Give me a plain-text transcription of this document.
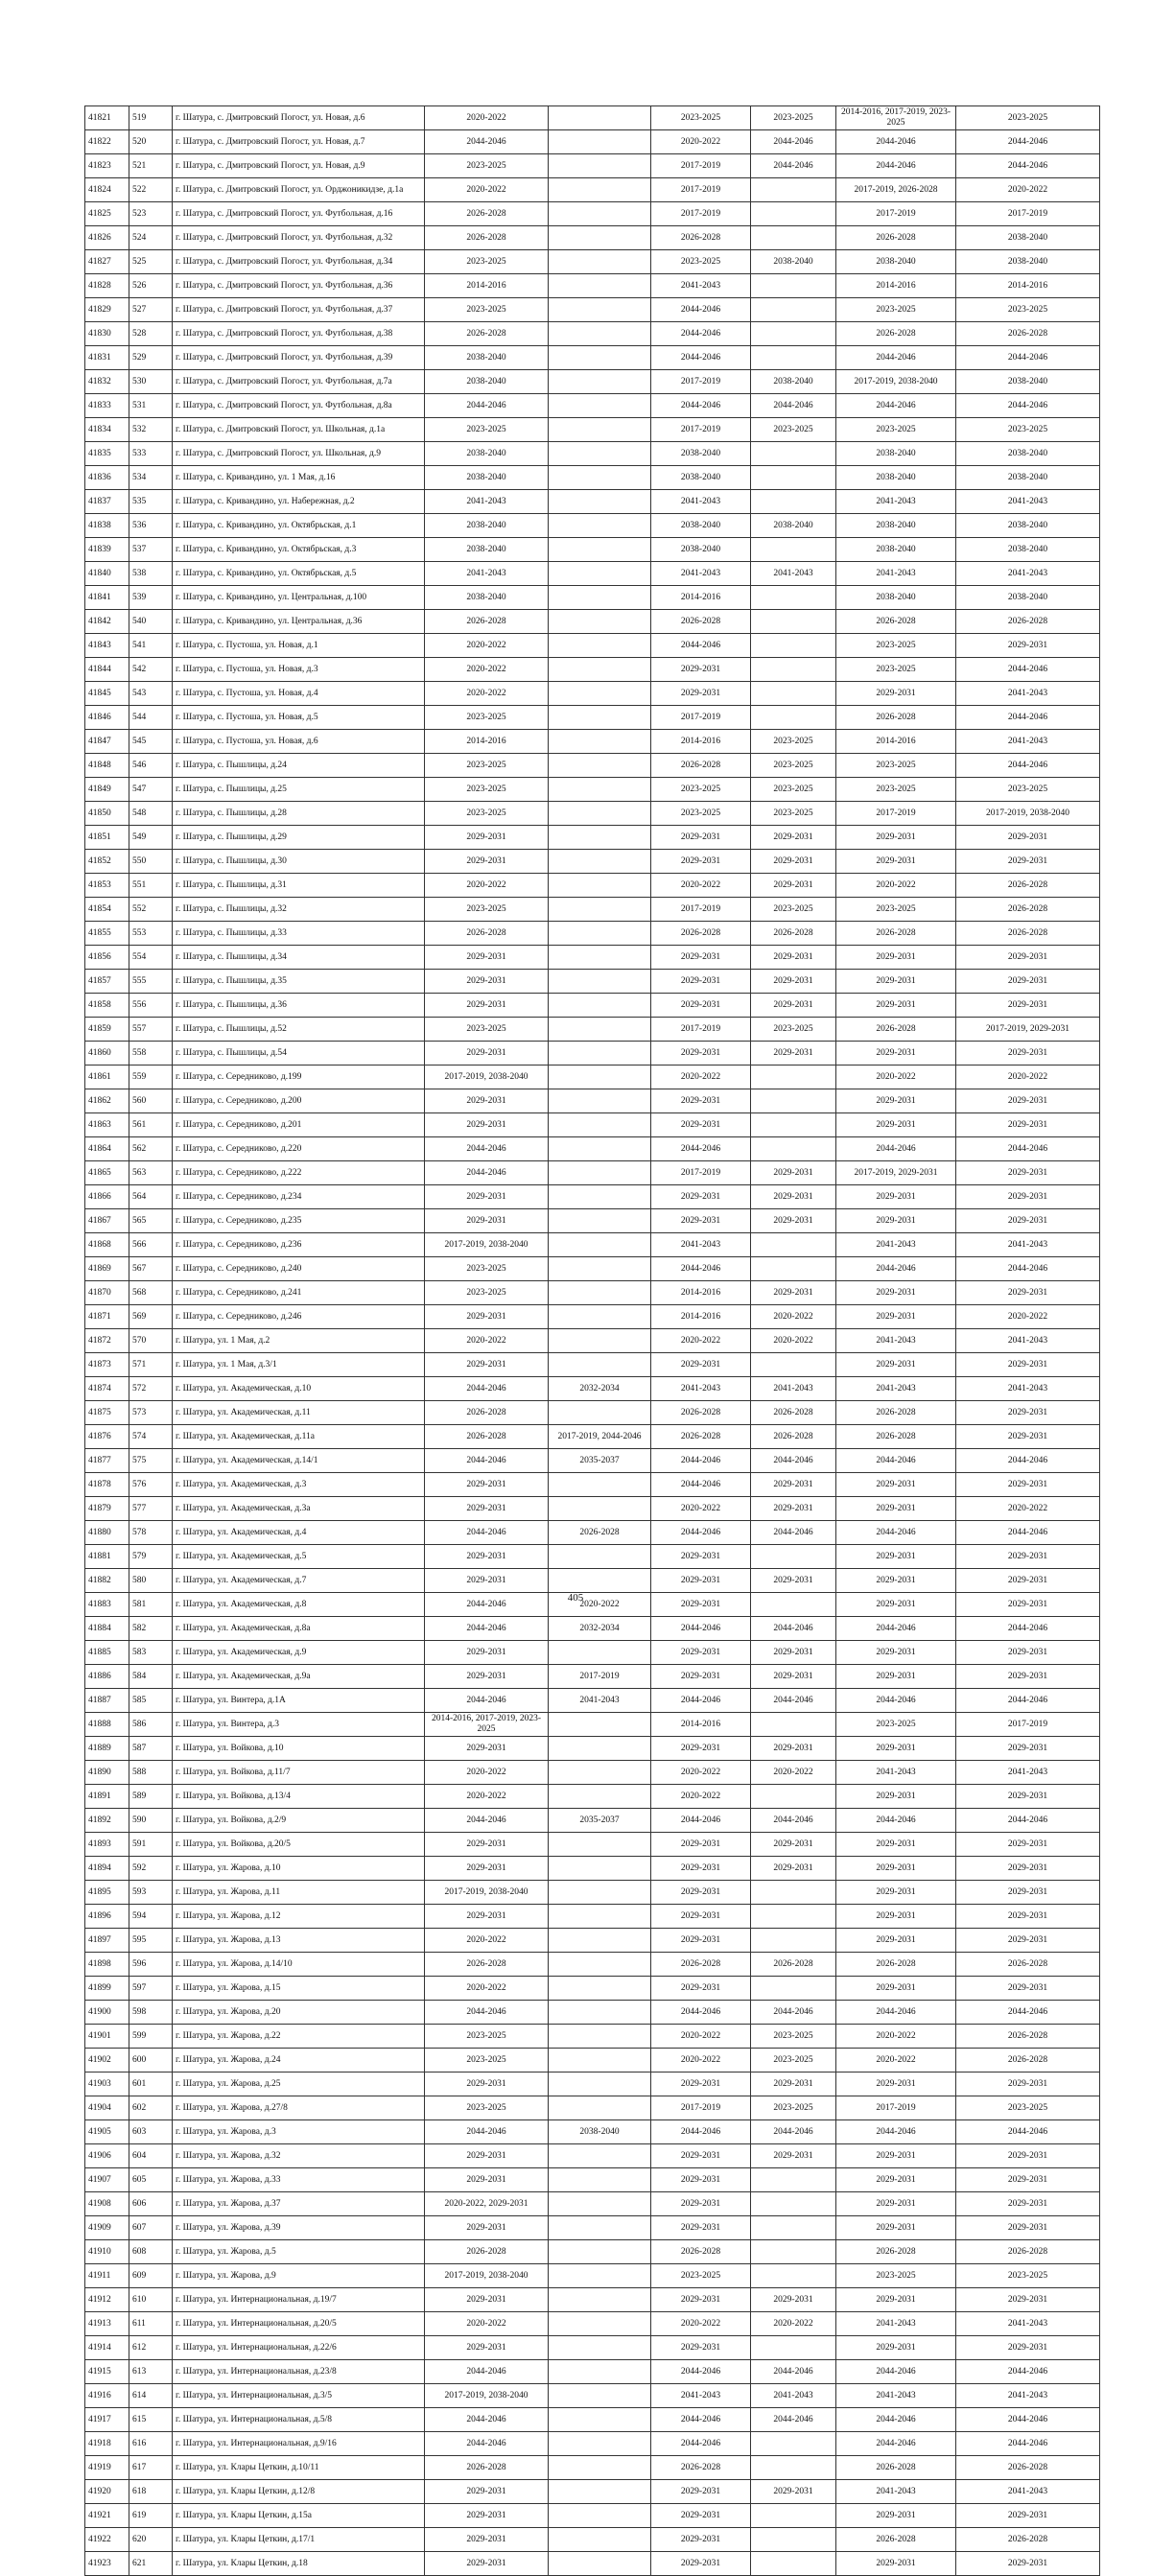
41821	519	г. Шатура, с. Дмитровский Погост, ул. Новая, д.6	2020-2022		2023-2025	2023-2025	2014-2016, 2017-2019, 2023-2025	2023-2025
41822	520	г. Шатура, с. Дмитровский Погост, ул. Новая, д.7	2044-2046		2020-2022	2044-2046	2044-2046	2044-2046
41823	521	г. Шатура, с. Дмитровский Погост, ул. Новая, д.9	2023-2025		2017-2019	2044-2046	2044-2046	2044-2046
41824	522	г. Шатура, с. Дмитровский Погост, ул. Орджоникидзе, д.1а	2020-2022		2017-2019		2017-2019, 2026-2028	2020-2022
41825	523	г. Шатура, с. Дмитровский Погост, ул. Футбольная, д.16	2026-2028		2017-2019		2017-2019	2017-2019
41826	524	г. Шатура, с. Дмитровский Погост, ул. Футбольная, д.32	2026-2028		2026-2028		2026-2028	2038-2040
41827	525	г. Шатура, с. Дмитровский Погост, ул. Футбольная, д.34	2023-2025		2023-2025	2038-2040	2038-2040	2038-2040
41828	526	г. Шатура, с. Дмитровский Погост, ул. Футбольная, д.36	2014-2016		2041-2043		2014-2016	2014-2016
41829	527	г. Шатура, с. Дмитровский Погост, ул. Футбольная, д.37	2023-2025		2044-2046		2023-2025	2023-2025
41830	528	г. Шатура, с. Дмитровский Погост, ул. Футбольная, д.38	2026-2028		2044-2046		2026-2028	2026-2028
41831	529	г. Шатура, с. Дмитровский Погост, ул. Футбольная, д.39	2038-2040		2044-2046		2044-2046	2044-2046
41832	530	г. Шатура, с. Дмитровский Погост, ул. Футбольная, д.7а	2038-2040		2017-2019	2038-2040	2017-2019, 2038-2040	2038-2040
41833	531	г. Шатура, с. Дмитровский Погост, ул. Футбольная, д.8а	2044-2046		2044-2046	2044-2046	2044-2046	2044-2046
41834	532	г. Шатура, с. Дмитровский Погост, ул. Школьная, д.1а	2023-2025		2017-2019	2023-2025	2023-2025	2023-2025
41835	533	г. Шатура, с. Дмитровский Погост, ул. Школьная, д.9	2038-2040		2038-2040		2038-2040	2038-2040
41836	534	г. Шатура, с. Кривандино, ул. 1 Мая, д.16	2038-2040		2038-2040		2038-2040	2038-2040
41837	535	г. Шатура, с. Кривандино, ул. Набережная, д.2	2041-2043		2041-2043		2041-2043	2041-2043
41838	536	г. Шатура, с. Кривандино, ул. Октябрьская, д.1	2038-2040		2038-2040	2038-2040	2038-2040	2038-2040
41839	537	г. Шатура, с. Кривандино, ул. Октябрьская, д.3	2038-2040		2038-2040		2038-2040	2038-2040
41840	538	г. Шатура, с. Кривандино, ул. Октябрьская, д.5	2041-2043		2041-2043	2041-2043	2041-2043	2041-2043
41841	539	г. Шатура, с. Кривандино, ул. Центральная, д.100	2038-2040		2014-2016		2038-2040	2038-2040
41842	540	г. Шатура, с. Кривандино, ул. Центральная, д.36	2026-2028		2026-2028		2026-2028	2026-2028
41843	541	г. Шатура, с. Пустоша, ул. Новая, д.1	2020-2022		2044-2046		2023-2025	2029-2031
41844	542	г. Шатура, с. Пустоша, ул. Новая, д.3	2020-2022		2029-2031		2023-2025	2044-2046
41845	543	г. Шатура, с. Пустоша, ул. Новая, д.4	2020-2022		2029-2031		2029-2031	2041-2043
41846	544	г. Шатура, с. Пустоша, ул. Новая, д.5	2023-2025		2017-2019		2026-2028	2044-2046
41847	545	г. Шатура, с. Пустоша, ул. Новая, д.6	2014-2016		2014-2016	2023-2025	2014-2016	2041-2043
41848	546	г. Шатура, с. Пышлицы, д.24	2023-2025		2026-2028	2023-2025	2023-2025	2044-2046
41849	547	г. Шатура, с. Пышлицы, д.25	2023-2025		2023-2025	2023-2025	2023-2025	2023-2025
41850	548	г. Шатура, с. Пышлицы, д.28	2023-2025		2023-2025	2023-2025	2017-2019	2017-2019, 2038-2040
41851	549	г. Шатура, с. Пышлицы, д.29	2029-2031		2029-2031	2029-2031	2029-2031	2029-2031
41852	550	г. Шатура, с. Пышлицы, д.30	2029-2031		2029-2031	2029-2031	2029-2031	2029-2031
41853	551	г. Шатура, с. Пышлицы, д.31	2020-2022		2020-2022	2029-2031	2020-2022	2026-2028
41854	552	г. Шатура, с. Пышлицы, д.32	2023-2025		2017-2019	2023-2025	2023-2025	2026-2028
41855	553	г. Шатура, с. Пышлицы, д.33	2026-2028		2026-2028	2026-2028	2026-2028	2026-2028
41856	554	г. Шатура, с. Пышлицы, д.34	2029-2031		2029-2031	2029-2031	2029-2031	2029-2031
41857	555	г. Шатура, с. Пышлицы, д.35	2029-2031		2029-2031	2029-2031	2029-2031	2029-2031
41858	556	г. Шатура, с. Пышлицы, д.36	2029-2031		2029-2031	2029-2031	2029-2031	2029-2031
41859	557	г. Шатура, с. Пышлицы, д.52	2023-2025		2017-2019	2023-2025	2026-2028	2017-2019, 2029-2031
41860	558	г. Шатура, с. Пышлицы, д.54	2029-2031		2029-2031	2029-2031	2029-2031	2029-2031
41861	559	г. Шатура, с. Середниково, д.199	2017-2019, 2038-2040		2020-2022		2020-2022	2020-2022
41862	560	г. Шатура, с. Середниково, д.200	2029-2031		2029-2031		2029-2031	2029-2031
41863	561	г. Шатура, с. Середниково, д.201	2029-2031		2029-2031		2029-2031	2029-2031
41864	562	г. Шатура, с. Середниково, д.220	2044-2046		2044-2046		2044-2046	2044-2046
41865	563	г. Шатура, с. Середниково, д.222	2044-2046		2017-2019	2029-2031	2017-2019, 2029-2031	2029-2031
41866	564	г. Шатура, с. Середниково, д.234	2029-2031		2029-2031	2029-2031	2029-2031	2029-2031
41867	565	г. Шатура, с. Середниково, д.235	2029-2031		2029-2031	2029-2031	2029-2031	2029-2031
41868	566	г. Шатура, с. Середниково, д.236	2017-2019, 2038-2040		2041-2043		2041-2043	2041-2043
41869	567	г. Шатура, с. Середниково, д.240	2023-2025		2044-2046		2044-2046	2044-2046
41870	568	г. Шатура, с. Середниково, д.241	2023-2025		2014-2016	2029-2031	2029-2031	2029-2031
41871	569	г. Шатура, с. Середниково, д.246	2029-2031		2014-2016	2020-2022	2029-2031	2020-2022
41872	570	г. Шатура, ул. 1 Мая, д.2	2020-2022		2020-2022	2020-2022	2041-2043	2041-2043
41873	571	г. Шатура, ул. 1 Мая, д.3/1	2029-2031		2029-2031		2029-2031	2029-2031
41874	572	г. Шатура, ул. Академическая, д.10	2044-2046	2032-2034	2041-2043	2041-2043	2041-2043	2041-2043
41875	573	г. Шатура, ул. Академическая, д.11	2026-2028		2026-2028	2026-2028	2026-2028	2029-2031
41876	574	г. Шатура, ул. Академическая, д.11а	2026-2028	2017-2019, 2044-2046	2026-2028	2026-2028	2026-2028	2029-2031
41877	575	г. Шатура, ул. Академическая, д.14/1	2044-2046	2035-2037	2044-2046	2044-2046	2044-2046	2044-2046
41878	576	г. Шатура, ул. Академическая, д.3	2029-2031		2044-2046	2029-2031	2029-2031	2029-2031
41879	577	г. Шатура, ул. Академическая, д.3а	2029-2031		2020-2022	2029-2031	2029-2031	2020-2022
41880	578	г. Шатура, ул. Академическая, д.4	2044-2046	2026-2028	2044-2046	2044-2046	2044-2046	2044-2046
41881	579	г. Шатура, ул. Академическая, д.5	2029-2031		2029-2031		2029-2031	2029-2031
41882	580	г. Шатура, ул. Академическая, д.7	2029-2031		2029-2031	2029-2031	2029-2031	2029-2031
41883	581	г. Шатура, ул. Академическая, д.8	2044-2046	2020-2022	2029-2031		2029-2031	2029-2031
41884	582	г. Шатура, ул. Академическая, д.8а	2044-2046	2032-2034	2044-2046	2044-2046	2044-2046	2044-2046
41885	583	г. Шатура, ул. Академическая, д.9	2029-2031		2029-2031	2029-2031	2029-2031	2029-2031
41886	584	г. Шатура, ул. Академическая, д.9а	2029-2031	2017-2019	2029-2031	2029-2031	2029-2031	2029-2031
41887	585	г. Шатура, ул. Винтера, д.1А	2044-2046	2041-2043	2044-2046	2044-2046	2044-2046	2044-2046
41888	586	г. Шатура, ул. Винтера, д.3	2014-2016, 2017-2019, 2023-2025		2014-2016		2023-2025	2017-2019
41889	587	г. Шатура, ул. Войкова, д.10	2029-2031		2029-2031	2029-2031	2029-2031	2029-2031
41890	588	г. Шатура, ул. Войкова, д.11/7	2020-2022		2020-2022	2020-2022	2041-2043	2041-2043
41891	589	г. Шатура, ул. Войкова, д.13/4	2020-2022		2020-2022		2029-2031	2029-2031
41892	590	г. Шатура, ул. Войкова, д.2/9	2044-2046	2035-2037	2044-2046	2044-2046	2044-2046	2044-2046
41893	591	г. Шатура, ул. Войкова, д.20/5	2029-2031		2029-2031	2029-2031	2029-2031	2029-2031
41894	592	г. Шатура, ул. Жарова, д.10	2029-2031		2029-2031	2029-2031	2029-2031	2029-2031
41895	593	г. Шатура, ул. Жарова, д.11	2017-2019, 2038-2040		2029-2031		2029-2031	2029-2031
41896	594	г. Шатура, ул. Жарова, д.12	2029-2031		2029-2031		2029-2031	2029-2031
41897	595	г. Шатура, ул. Жарова, д.13	2020-2022		2029-2031		2029-2031	2029-2031
41898	596	г. Шатура, ул. Жарова, д.14/10	2026-2028		2026-2028	2026-2028	2026-2028	2026-2028
41899	597	г. Шатура, ул. Жарова, д.15	2020-2022		2029-2031		2029-2031	2029-2031
41900	598	г. Шатура, ул. Жарова, д.20	2044-2046		2044-2046	2044-2046	2044-2046	2044-2046
41901	599	г. Шатура, ул. Жарова, д.22	2023-2025		2020-2022	2023-2025	2020-2022	2026-2028
41902	600	г. Шатура, ул. Жарова, д.24	2023-2025		2020-2022	2023-2025	2020-2022	2026-2028
41903	601	г. Шатура, ул. Жарова, д.25	2029-2031		2029-2031	2029-2031	2029-2031	2029-2031
41904	602	г. Шатура, ул. Жарова, д.27/8	2023-2025		2017-2019	2023-2025	2017-2019	2023-2025
41905	603	г. Шатура, ул. Жарова, д.3	2044-2046	2038-2040	2044-2046	2044-2046	2044-2046	2044-2046
41906	604	г. Шатура, ул. Жарова, д.32	2029-2031		2029-2031	2029-2031	2029-2031	2029-2031
41907	605	г. Шатура, ул. Жарова, д.33	2029-2031		2029-2031		2029-2031	2029-2031
41908	606	г. Шатура, ул. Жарова, д.37	2020-2022, 2029-2031		2029-2031		2029-2031	2029-2031
41909	607	г. Шатура, ул. Жарова, д.39	2029-2031		2029-2031		2029-2031	2029-2031
41910	608	г. Шатура, ул. Жарова, д.5	2026-2028		2026-2028		2026-2028	2026-2028
41911	609	г. Шатура, ул. Жарова, д.9	2017-2019, 2038-2040		2023-2025		2023-2025	2023-2025
41912	610	г. Шатура, ул. Интернациональная, д.19/7	2029-2031		2029-2031	2029-2031	2029-2031	2029-2031
41913	611	г. Шатура, ул. Интернациональная, д.20/5	2020-2022		2020-2022	2020-2022	2041-2043	2041-2043
41914	612	г. Шатура, ул. Интернациональная, д.22/6	2029-2031		2029-2031		2029-2031	2029-2031
41915	613	г. Шатура, ул. Интернациональная, д.23/8	2044-2046		2044-2046	2044-2046	2044-2046	2044-2046
41916	614	г. Шатура, ул. Интернациональная, д.3/5	2017-2019, 2038-2040		2041-2043	2041-2043	2041-2043	2041-2043
41917	615	г. Шатура, ул. Интернациональная, д.5/8	2044-2046		2044-2046	2044-2046	2044-2046	2044-2046
41918	616	г. Шатура, ул. Интернациональная, д.9/16	2044-2046		2044-2046		2044-2046	2044-2046
41919	617	г. Шатура, ул. Клары Цеткин, д.10/11	2026-2028		2026-2028		2026-2028	2026-2028
41920	618	г. Шатура, ул. Клары Цеткин, д.12/8	2029-2031		2029-2031	2029-2031	2041-2043	2041-2043
41921	619	г. Шатура, ул. Клары Цеткин, д.15а	2029-2031		2029-2031		2029-2031	2029-2031
41922	620	г. Шатура, ул. Клары Цеткин, д.17/1	2029-2031		2029-2031		2026-2028	2026-2028
41923	621	г. Шатура, ул. Клары Цеткин, д.18	2029-2031		2029-2031		2029-2031	2029-2031
405
